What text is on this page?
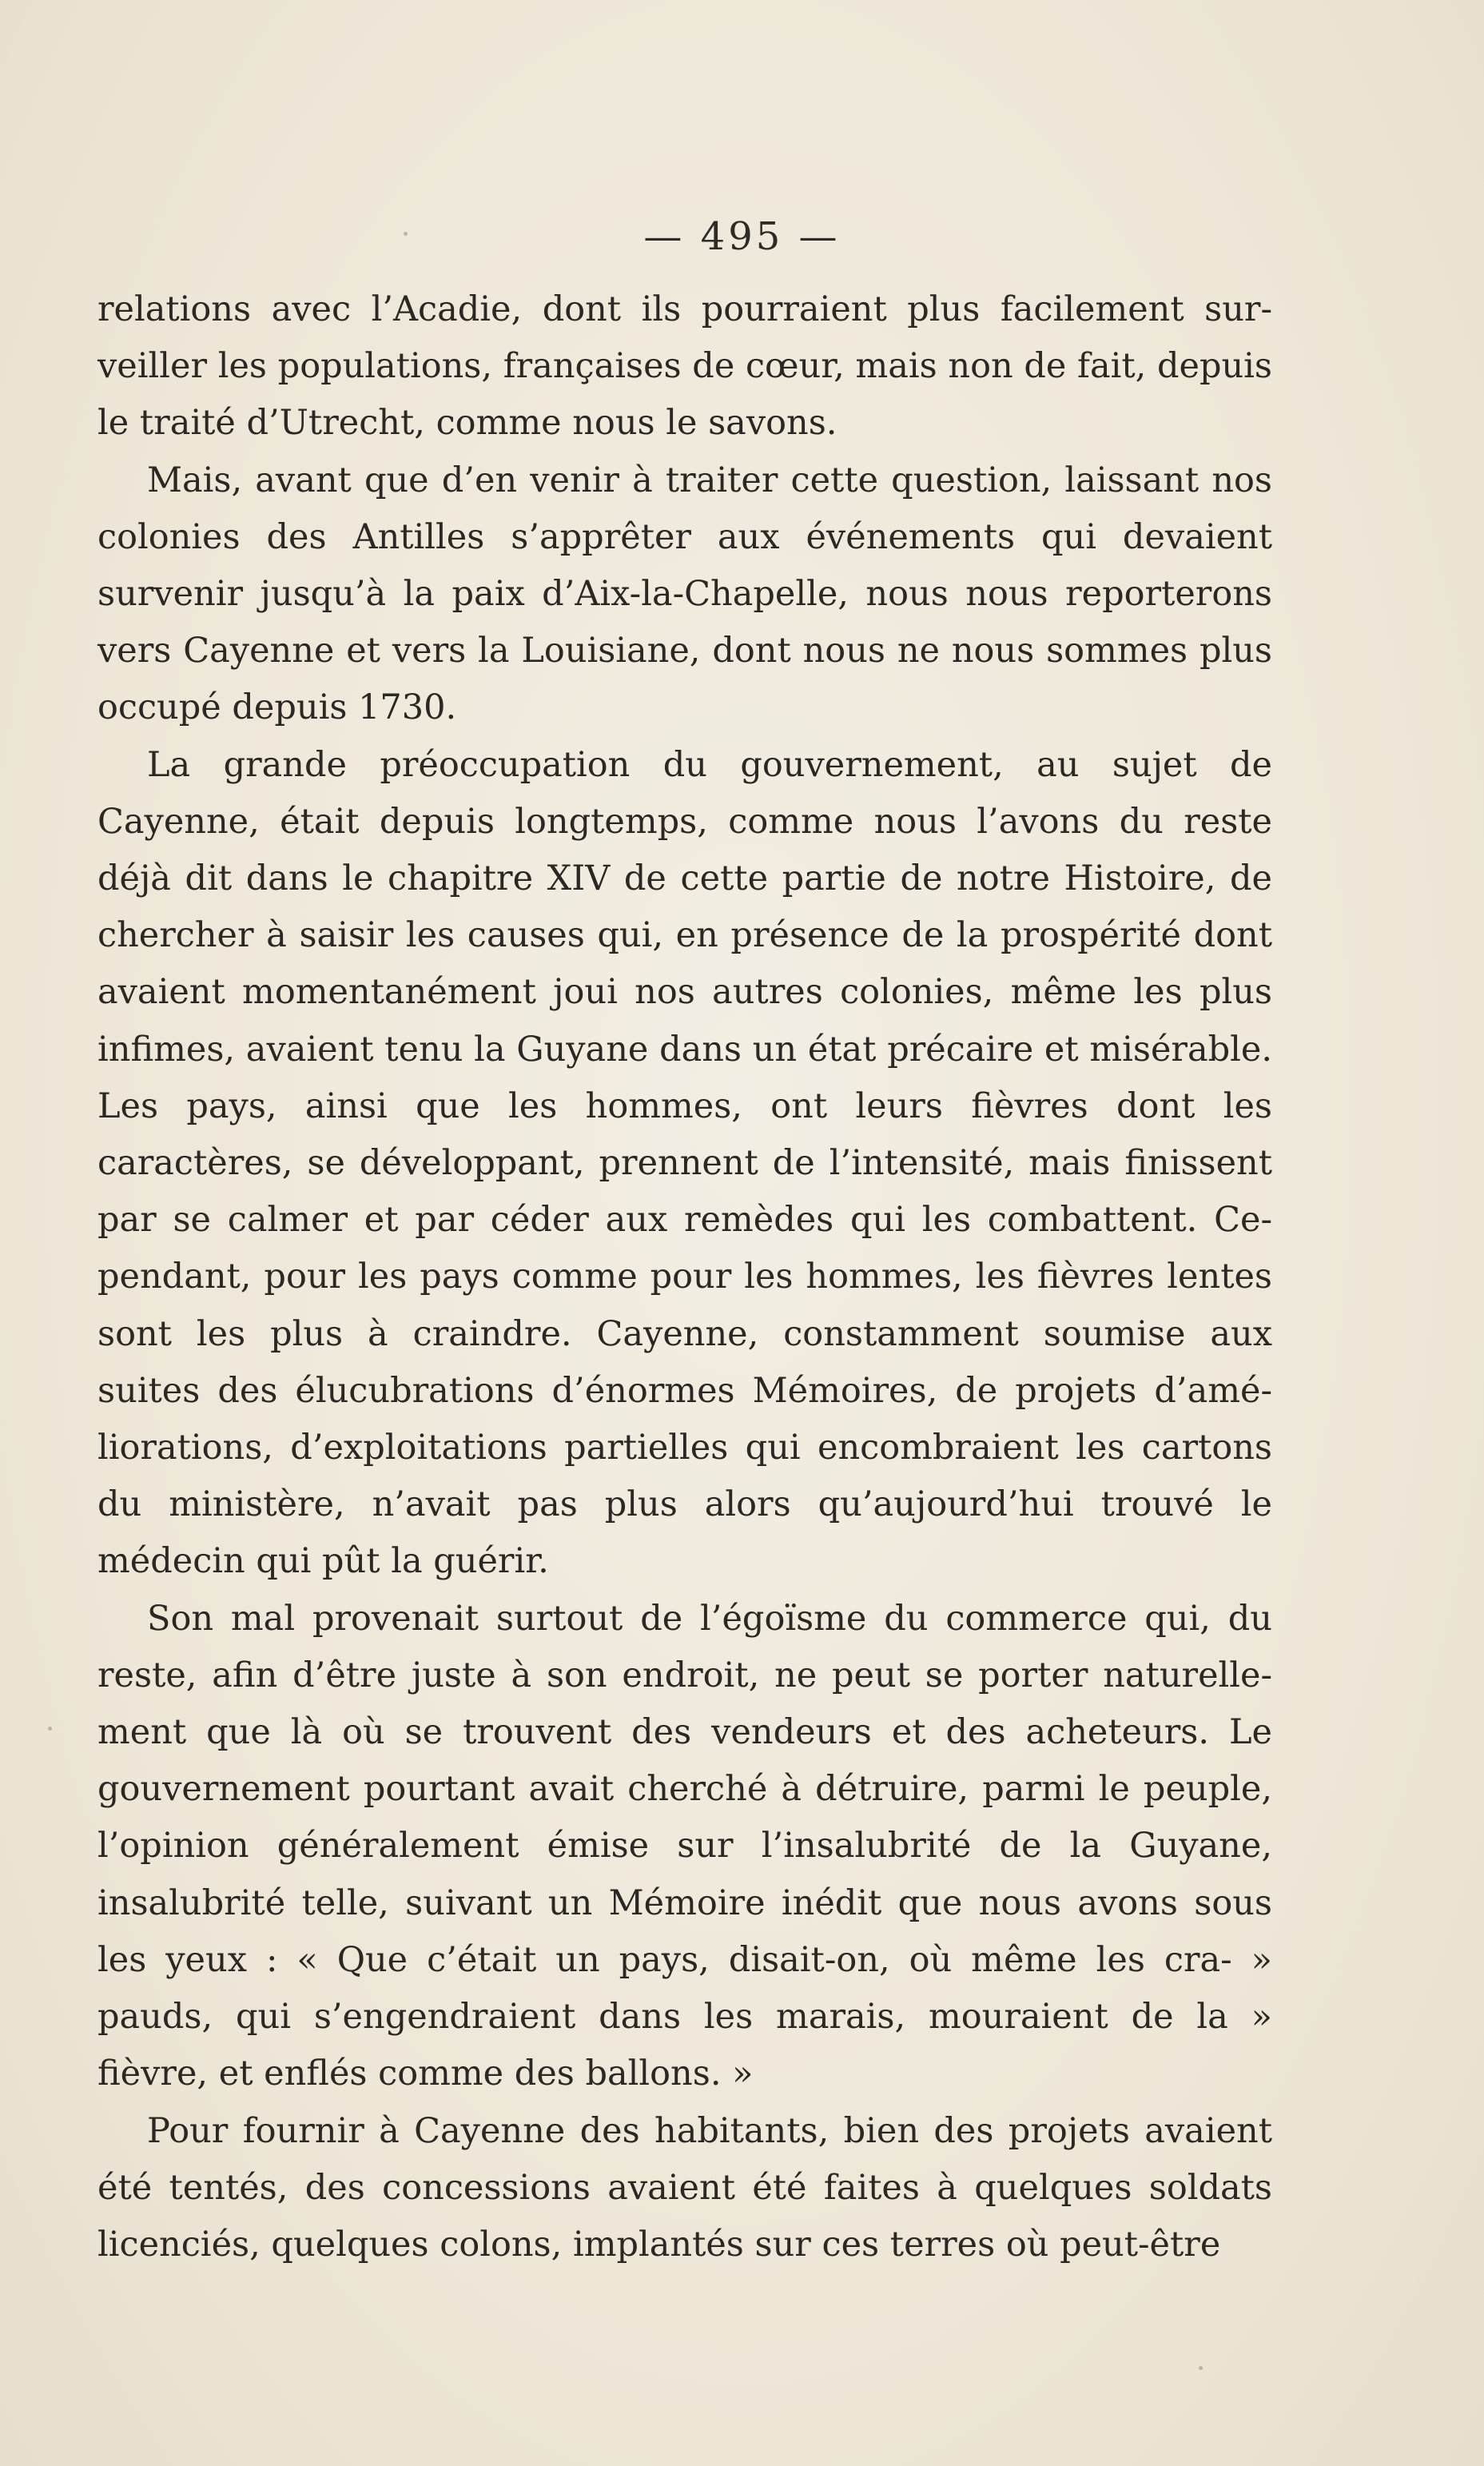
— 495 —

relations avec l’Acadie, dont ils pourraient plus facilement surveiller les populations, françaises de cœur, mais non de fait, depuis le traité d’Utrecht, comme nous le savons.

Mais, avant que d’en venir à traiter cette question, laissant nos colonies des Antilles s’apprêter aux événements qui devaient survenir jusqu’à la paix d’Aix-la-Chapelle, nous nous reporterons vers Cayenne et vers la Louisiane, dont nous ne nous sommes plus occupé depuis 1730.

La grande préoccupation du gouvernement, au sujet de Cayenne, était depuis longtemps, comme nous l’avons du reste déjà dit dans le chapitre XIV de cette partie de notre Histoire, de chercher à saisir les causes qui, en présence de la prospérité dont avaient momentanément joui nos autres colonies, même les plus infimes, avaient tenu la Guyane dans un état précaire et misérable. Les pays, ainsi que les hommes, ont leurs fièvres dont les caractères, se développant, prennent de l’intensité, mais finissent par se calmer et par céder aux remèdes qui les combattent. Cependant, pour les pays comme pour les hommes, les fièvres lentes sont les plus à craindre. Cayenne, constamment soumise aux suites des élucubrations d’énormes Mémoires, de projets d’améliorations, d’exploitations partielles qui encombraient les cartons du ministère, n’avait pas plus alors qu’aujourd’hui trouvé le médecin qui pût la guérir.

Son mal provenait surtout de l’égoïsme du commerce qui, du reste, afin d’être juste à son endroit, ne peut se porter naturellement que là où se trouvent des vendeurs et des acheteurs. Le gouvernement pourtant avait cherché à détruire, parmi le peuple, l’opinion généralement émise sur l’insalubrité de la Guyane, insalubrité telle, suivant un Mémoire inédit que nous avons sous les yeux : « Que c’était un pays, disait-on, où même les cra- » pauds, qui s’engendraient dans les marais, mouraient de la » fièvre, et enflés comme des ballons. »

Pour fournir à Cayenne des habitants, bien des projets avaient été tentés, des concessions avaient été faites à quelques soldats licenciés, quelques colons, implantés sur ces terres où peut-être
